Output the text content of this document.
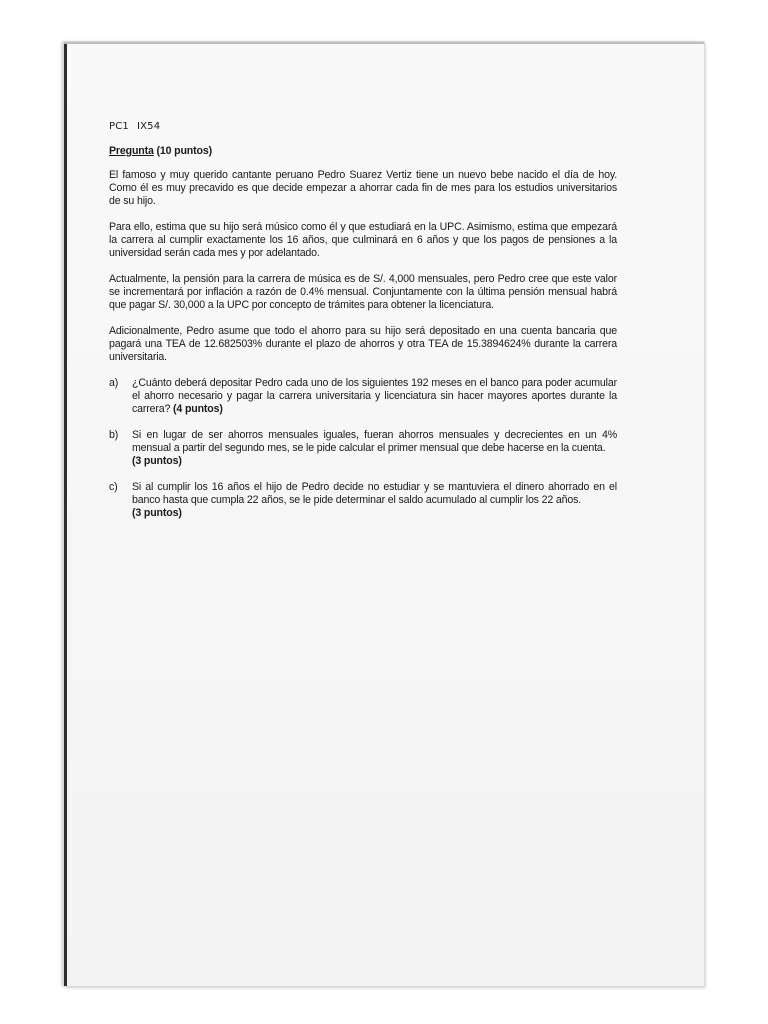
PC1 IX54
Pregunta (10 puntos)

El famoso y muy querido cantante peruano Pedro Suarez Vertiz tiene un nuevo bebe nacido el día de hoy. Como él es muy precavido es que decide empezar a ahorrar cada fin de mes para los estudios universitarios de su hijo.

Para ello, estima que su hijo será músico como él y que estudiará en la UPC. Asimismo, estima que empezará la carrera al cumplir exactamente los 16 años, que culminará en 6 años y que los pagos de pensiones a la universidad serán cada mes y por adelantado.

Actualmente, la pensión para la carrera de música es de S/. 4,000 mensuales, pero Pedro cree que este valor se incrementará por inflación a razón de 0.4% mensual. Conjuntamente con la última pensión mensual habrá que pagar S/. 30,000 a la UPC por concepto de trámites para obtener la licenciatura.

Adicionalmente, Pedro asume que todo el ahorro para su hijo será depositado en una cuenta bancaria que pagará una TEA de 12.682503% durante el plazo de ahorros y otra TEA de 15.3894624% durante la carrera universitaria.

a)	¿Cuánto deberá depositar Pedro cada uno de los siguientes 192 meses en el banco para poder acumular el ahorro necesario y pagar la carrera universitaria y licenciatura sin hacer mayores aportes durante la carrera? (4 puntos)
b)	Si en lugar de ser ahorros mensuales iguales, fueran ahorros mensuales y decrecientes en un 4% mensual a partir del segundo mes, se le pide calcular el primer mensual que debe hacerse en la cuenta.
(3 puntos)
c)	Si al cumplir los 16 años el hijo de Pedro decide no estudiar y se mantuviera el dinero ahorrado en el banco hasta que cumpla 22 años, se le pide determinar el saldo acumulado al cumplir los 22 años.
(3 puntos)
